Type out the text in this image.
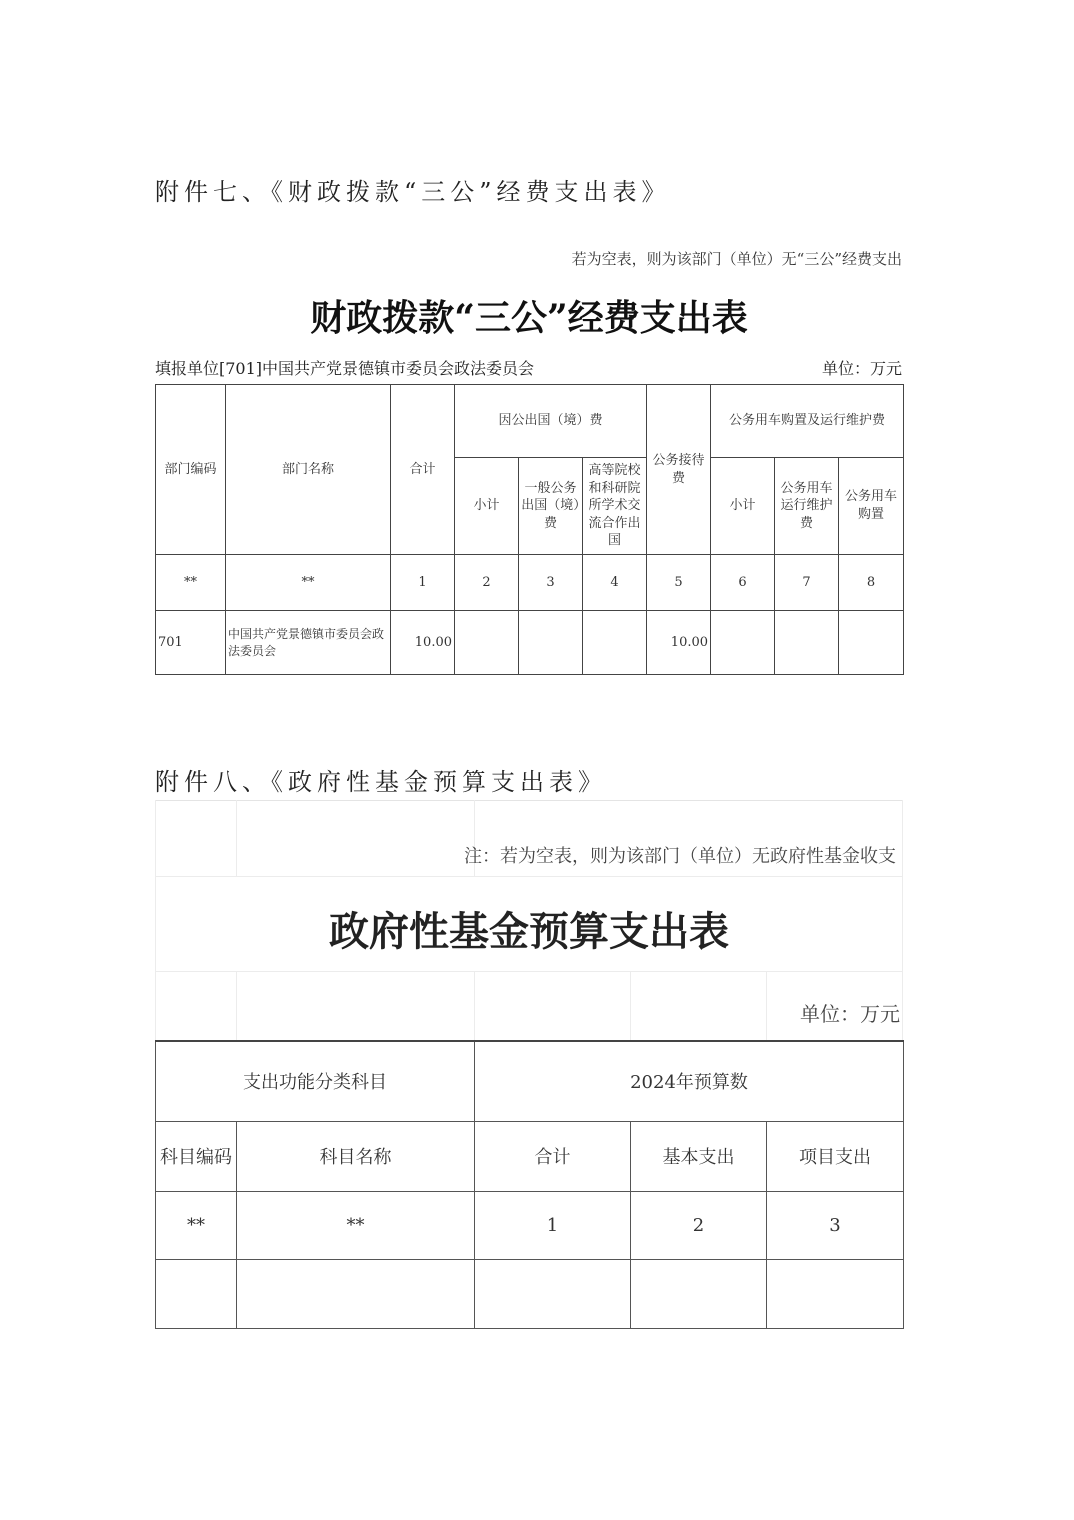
附件七、《财政拨款“三公”经费支出表》
若为空表，则为该部门（单位）无“三公”经费支出
财政拨款“三公”经费支出表
填报单位[701]中国共产党景德镇市委员会政法委员会	单位：万元
部门编码	部门名称	合计	因公出国（境）费			公务接待费	公务用车购置及运行维护费		
			小计	一般公务出国（境）费	高等院校和科研院所学术交流合作出国		小计	公务用车运行维护费	公务用车购置
**	**	1	2	3	4	5	6	7	8
701	中国共产党景德镇市委员会政法委员会	10.00				10.00			
附件八、《政府性基金预算支出表》
注：若为空表，则为该部门（单位）无政府性基金收支
政府性基金预算支出表
单位：万元
支出功能分类科目		2024年预算数		
科目编码	科目名称	合计	基本支出	项目支出
**	**	1	2	3
